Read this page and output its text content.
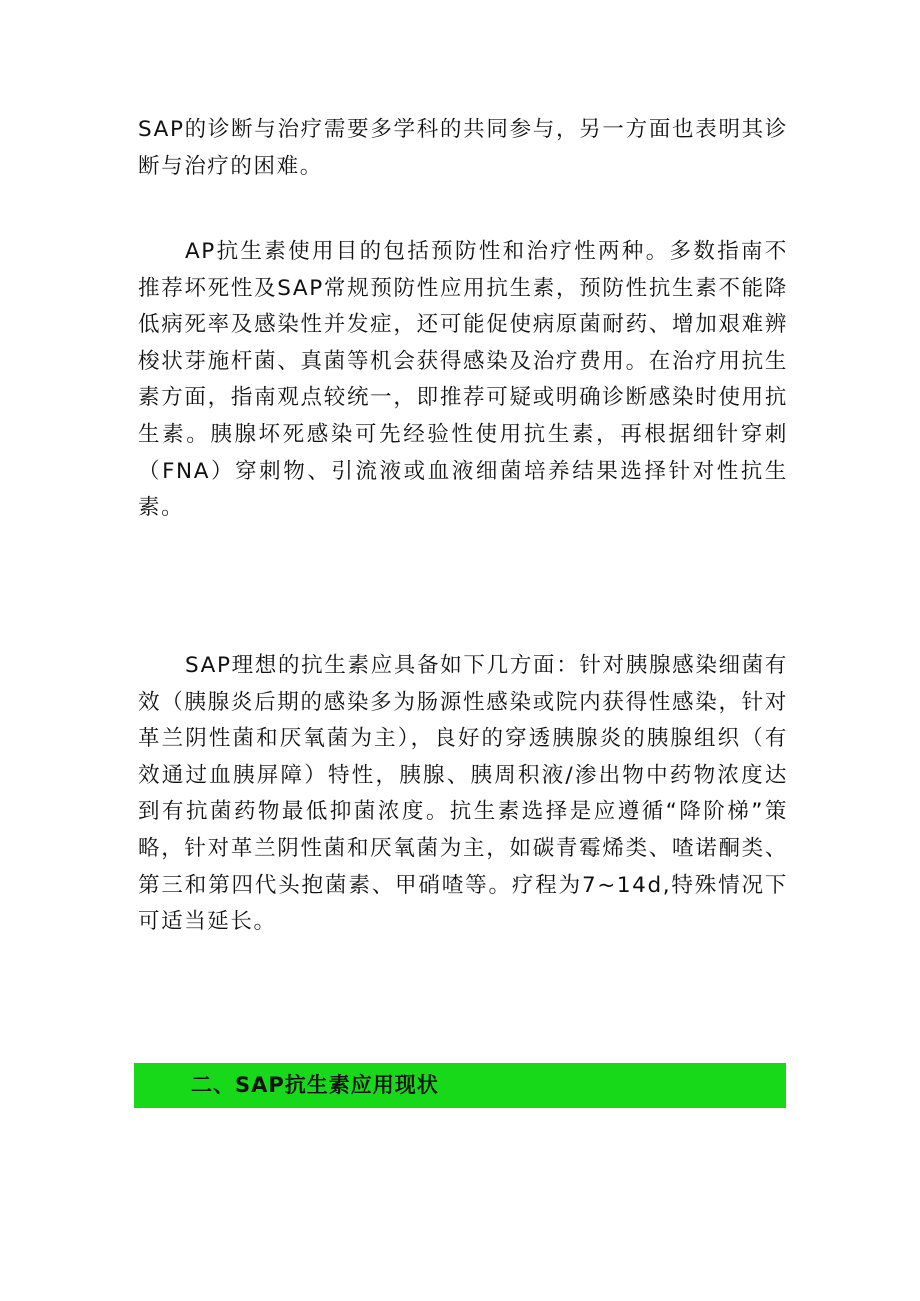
SAP的诊断与治疗需要多学科的共同参与，另一方面也表明其诊断与治疗的困难。

AP抗生素使用目的包括预防性和治疗性两种。多数指南不推荐坏死性及SAP常规预防性应用抗生素，预防性抗生素不能降低病死率及感染性并发症，还可能促使病原菌耐药、增加艰难辨梭状芽施杆菌、真菌等机会获得感染及治疗费用。在治疗用抗生素方面，指南观点较统一，即推荐可疑或明确诊断感染时使用抗生素。胰腺坏死感染可先经验性使用抗生素，再根据细针穿刺（FNA）穿刺物、引流液或血液细菌培养结果选择针对性抗生素。

SAP理想的抗生素应具备如下几方面：针对胰腺感染细菌有效（胰腺炎后期的感染多为肠源性感染或院内获得性感染，针对革兰阴性菌和厌氧菌为主），良好的穿透胰腺炎的胰腺组织（有效通过血胰屏障）特性，胰腺、胰周积液/渗出物中药物浓度达到有抗菌药物最低抑菌浓度。抗生素选择是应遵循“降阶梯”策略，针对革兰阴性菌和厌氧菌为主，如碳青霉烯类、喳诺酮类、第三和第四代头抱菌素、甲硝喳等。疗程为7~14d,特殊情况下可适当延长。

二、SAP抗生素应用现状
